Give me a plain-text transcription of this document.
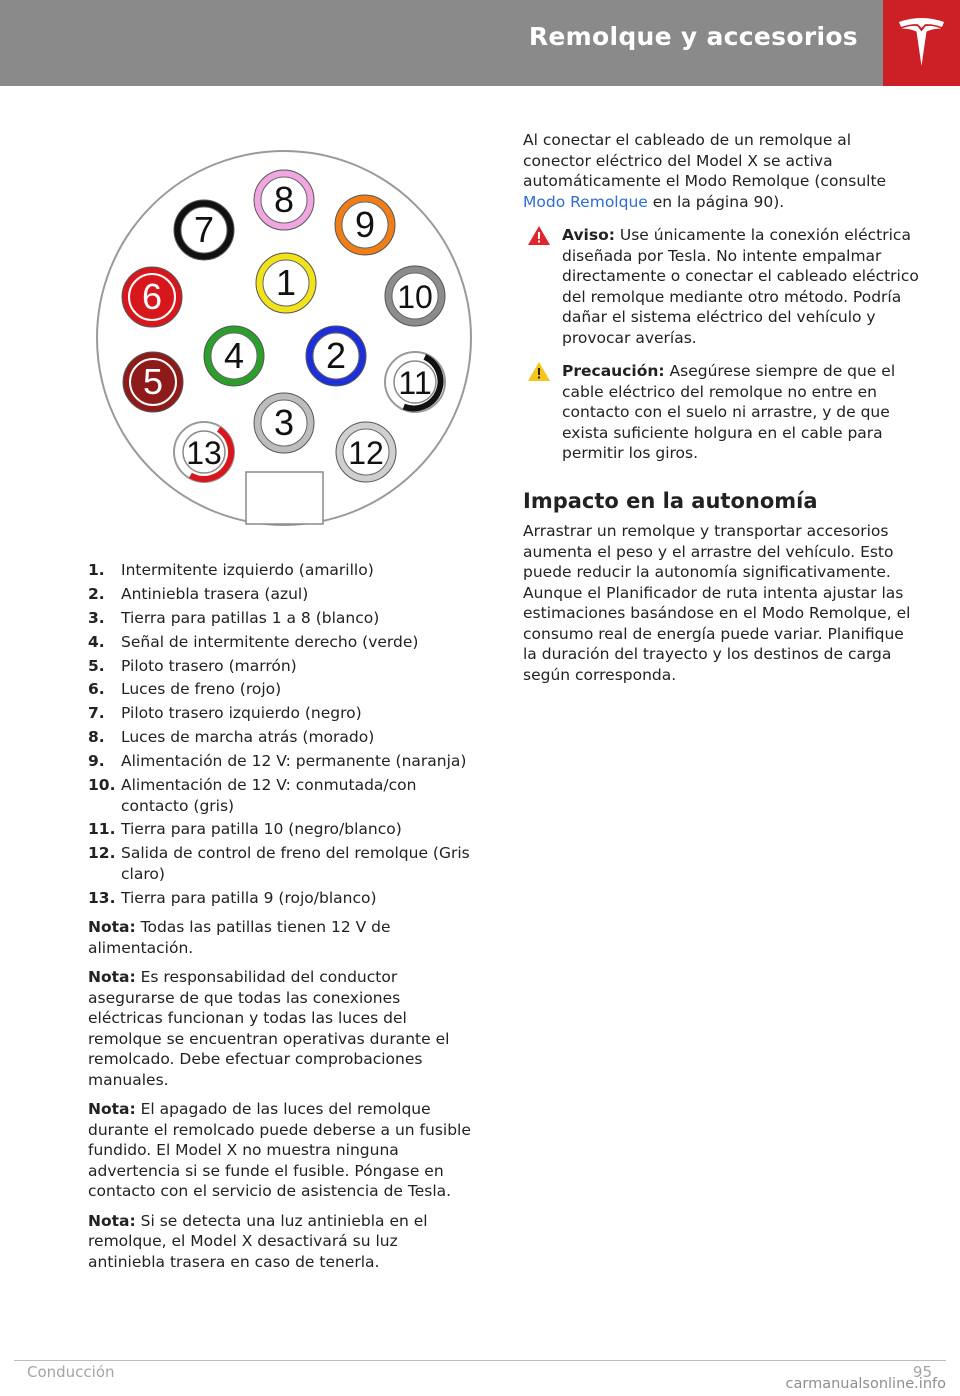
Remolque y accesorios
1
2
3
4
5
6
7
8
9
10
11
12
13
1.	Intermitente izquierdo (amarillo)
2.	Antiniebla trasera (azul)
3.	Tierra para patillas 1 a 8 (blanco)
4.	Señal de intermitente derecho (verde)
5.	Piloto trasero (marrón)
6.	Luces de freno (rojo)
7.	Piloto trasero izquierdo (negro)
8.	Luces de marcha atrás (morado)
9.	Alimentación de 12 V: permanente (naranja)
10. Alimentación de 12 V: conmutada/con contacto (gris)
11. Tierra para patilla 10 (negro/blanco)
12. Salida de control de freno del remolque (Gris claro)
13. Tierra para patilla 9 (rojo/blanco)
Nota: Todas las patillas tienen 12 V de alimentación.
Nota: Es responsabilidad del conductor asegurarse de que todas las conexiones eléctricas funcionan y todas las luces del remolque se encuentran operativas durante el remolcado. Debe efectuar comprobaciones manuales.
Nota: El apagado de las luces del remolque durante el remolcado puede deberse a un fusible fundido. El Model X no muestra ninguna advertencia si se funde el fusible. Póngase en contacto con el servicio de asistencia de Tesla.
Nota: Si se detecta una luz antiniebla en el remolque, el Model X desactivará su luz antiniebla trasera en caso de tenerla.
Al conectar el cableado de un remolque al conector eléctrico del Model X se activa automáticamente el Modo Remolque (consulte Modo Remolque en la página 90).
Aviso: Use únicamente la conexión eléctrica diseñada por Tesla. No intente empalmar directamente o conectar el cableado eléctrico del remolque mediante otro método. Podría dañar el sistema eléctrico del vehículo y provocar averías.
Precaución: Asegúrese siempre de que el cable eléctrico del remolque no entre en contacto con el suelo ni arrastre, y de que exista suficiente holgura en el cable para permitir los giros.
Impacto en la autonomía
Arrastrar un remolque y transportar accesorios aumenta el peso y el arrastre del vehículo. Esto puede reducir la autonomía significativamente. Aunque el Planificador de ruta intenta ajustar las estimaciones basándose en el Modo Remolque, el consumo real de energía puede variar. Planifique la duración del trayecto y los destinos de carga según corresponda.
Conducción	95
carmanualsonline.info
